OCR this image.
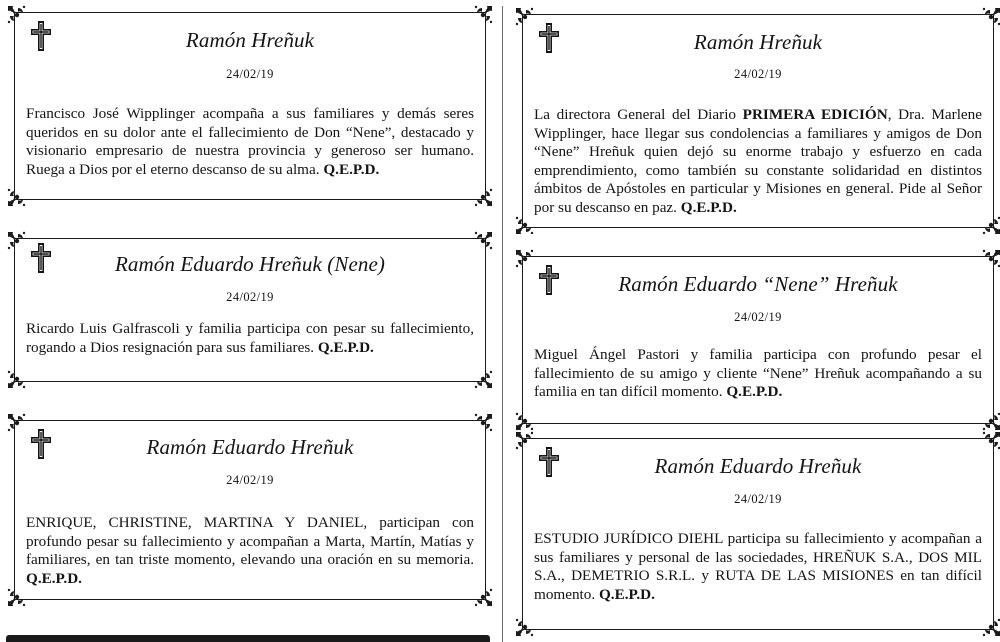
Ramón Hreñuk
24/02/19
Francisco José Wipplinger acompaña a sus familiares y demás seres queridos en su dolor ante el fallecimiento de Don “Nene”, destacado y visionario empresario de nuestra provincia y generoso ser humano. Ruega a Dios por el eterno descanso de su alma. Q.E.P.D.
Ramón Eduardo Hreñuk (Nene)
24/02/19
Ricardo Luis Galfrascoli y familia participa con pesar su fallecimiento, rogando a Dios resignación para sus familiares. Q.E.P.D.
Ramón Eduardo Hreñuk
24/02/19
ENRIQUE, CHRISTINE, MARTINA Y DANIEL, participan con profundo pesar su fallecimiento y acompañan a Marta, Martín, Matías y familiares, en tan triste momento, elevando una oración en su memoria. Q.E.P.D.
Ramón Hreñuk
24/02/19
La directora General del Diario PRIMERA EDICIÓN, Dra. Marlene Wipplinger, hace llegar sus condolencias a familiares y amigos de Don “Nene” Hreñuk quien dejó su enorme trabajo y esfuerzo en cada emprendimiento, como también su constante solidaridad en distintos ámbitos de Apóstoles en particular y Misiones en general. Pide al Señor por su descanso en paz. Q.E.P.D.
Ramón Eduardo “Nene” Hreñuk
24/02/19
Miguel Ángel Pastori y familia participa con profundo pesar el fallecimiento de su amigo y cliente “Nene” Hreñuk acompañando a su familia en tan difícil momento. Q.E.P.D.
Ramón Eduardo Hreñuk
24/02/19
ESTUDIO JURÍDICO DIEHL participa su fallecimiento y acompañan a sus familiares y personal de las sociedades, HREÑUK S.A., DOS MIL S.A., DEMETRIO S.R.L. y RUTA DE LAS MISIONES en tan difícil momento. Q.E.P.D.
